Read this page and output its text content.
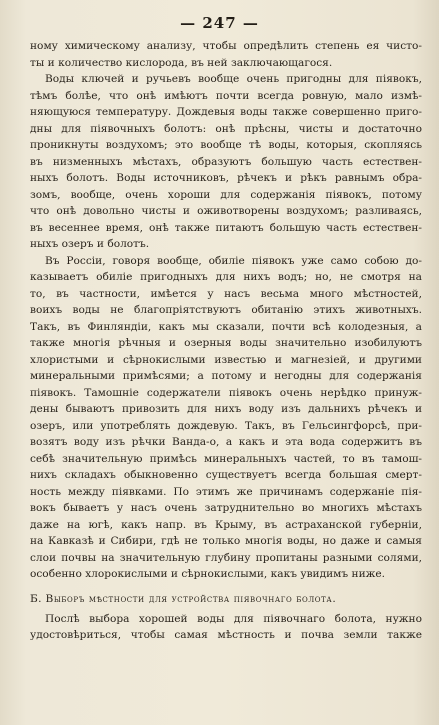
— 247 —
ному химическому анализу, чтобы опредѣлить степень ея чисто-
ты и количество кислорода, въ ней заключающагося.
Воды ключей и ручьевъ вообще очень пригодны для піявокъ,
тѣмъ болѣе, что онѣ имѣютъ почти всегда ровную, мало измѣ-
няющуюся температуру. Дождевыя воды также совершенно приго-
дны для піявочныхъ болотъ: онѣ прѣсны, чисты и достаточно
проникнуты воздухомъ; это вообще тѣ воды, которыя, скопляясь
въ низменныхъ мѣстахъ, образуютъ большую часть естествен-
ныхъ болотъ. Воды источниковъ, рѣчекъ и рѣкъ равнымъ обра-
зомъ, вообще, очень хороши для содержанія піявокъ, потому
что онѣ довольно чисты и оживотворены воздухомъ; разливаясь,
въ весеннее время, онѣ также питаютъ большую часть естествен-
ныхъ озеръ и болотъ.
Въ Россіи, говоря вообще, обиліе піявокъ уже само собою до-
казываетъ обиліе пригодныхъ для нихъ водъ; но, не смотря на
то, въ частности, имѣется у насъ весьма много мѣстностей,
воихъ воды не благопріятствуютъ обитанію этихъ животныхъ.
Такъ, въ Финляндіи, какъ мы сказали, почти всѣ колодезныя, а
также многія рѣчныя и озерныя воды значительно изобилуютъ
хлористыми и сѣрнокислыми известью и магнезіей, и другими
минеральными примѣсями; а потому и негодны для содержанія
піявокъ. Тамошніе содержатели піявокъ очень нерѣдко принуж-
дены бываютъ привозить для нихъ воду изъ дальнихъ рѣчекъ и
озеръ, или употреблять дождевую. Такъ, въ Гельсингфорсѣ, при-
возятъ воду изъ рѣчки Ванда-о, а какъ и эта вода содержитъ въ
себѣ значительную примѣсь минеральныхъ частей, то въ тамош-
нихъ складахъ обыкновенно существуетъ всегда большая смерт-
ность между піявками. По этимъ же причинамъ содержаніе пія-
вокъ бываетъ у насъ очень затруднительно во многихъ мѣстахъ
даже на югѣ, какъ напр. въ Крыму, въ астраханской губерніи,
на Кавказѣ и Сибири, гдѣ не только многія воды, но даже и самыя
слои почвы на значительную глубину пропитаны разными солями,
особенно хлорокислыми и сѣрнокислыми, какъ увидимъ ниже.
Б. Выборъ мѣстности для устройства піявочнаго болота.
Послѣ выбора хорошей воды для піявочнаго болота, нужно
удостовѣриться, чтобы самая мѣстность и почва земли также
